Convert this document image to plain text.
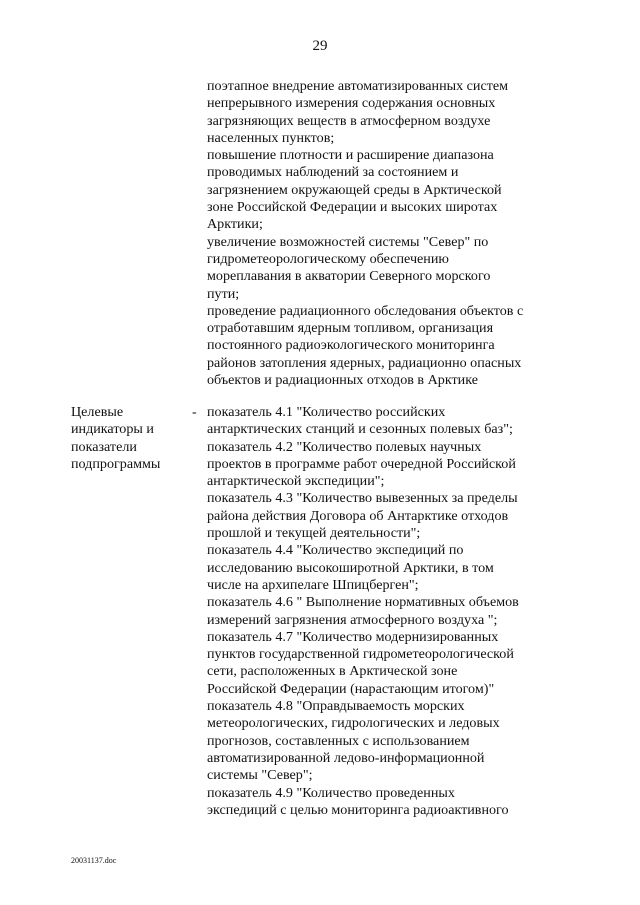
29
поэтапное внедрение автоматизированных систем
непрерывного измерения содержания основных
загрязняющих веществ в атмосферном воздухе
населенных пунктов;
повышение плотности и расширение диапазона
проводимых наблюдений за состоянием и
загрязнением окружающей среды в Арктической
зоне Российской Федерации и высоких широтах
Арктики;
увеличение возможностей системы "Север" по
гидрометеорологическому обеспечению
мореплавания в акватории Северного морского
пути;
проведение радиационного обследования объектов с
отработавшим ядерным топливом, организация
постоянного радиоэкологического мониторинга
районов затопления ядерных, радиационно опасных
объектов и радиационных отходов в Арктике
Целевые
индикаторы и
показатели
подпрограммы
- показатель 4.1 "Количество российских
антарктических станций и сезонных полевых баз";
показатель 4.2 "Количество полевых научных
проектов в программе работ очередной Российской
антарктической экспедиции";
показатель 4.3 "Количество вывезенных за пределы
района действия Договора об Антарктике отходов
прошлой и текущей деятельности";
показатель 4.4 "Количество экспедиций по
исследованию высокоширотной Арктики, в том
числе на архипелаге Шпицберген";
показатель 4.6 " Выполнение нормативных объемов
измерений загрязнения атмосферного воздуха ";
показатель 4.7 "Количество модернизированных
пунктов государственной гидрометеорологической
сети, расположенных в Арктической зоне
Российской Федерации (нарастающим итогом)"
показатель 4.8 "Оправдываемость морских
метеорологических, гидрологических и ледовых
прогнозов, составленных с использованием
автоматизированной ледово-информационной
системы "Север";
показатель 4.9 "Количество проведенных
экспедиций с целью мониторинга радиоактивного
20031137.doc
